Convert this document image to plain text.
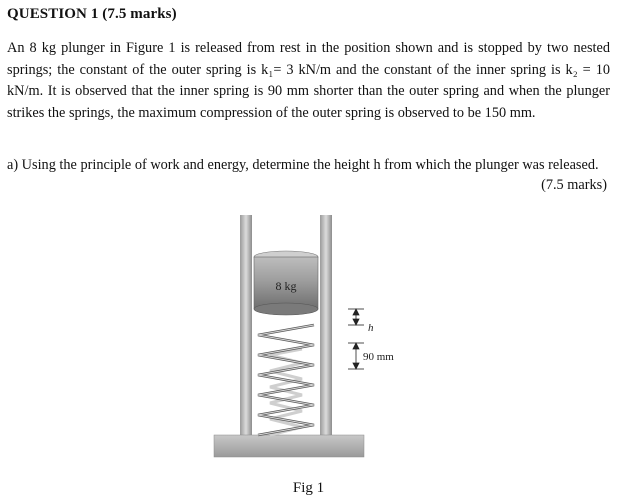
QUESTION 1 (7.5 marks)
An 8 kg plunger in Figure 1 is released from rest in the position shown and is stopped by two nested springs; the constant of the outer spring is k₁= 3 kN/m and the constant of the inner spring is k₂ = 10 kN/m. It is observed that the inner spring is 90 mm shorter than the outer spring and when the plunger strikes the springs, the maximum compression of the outer spring is observed to be 150 mm.
a) Using the principle of work and energy, determine the height h from which the plunger was released.
(7.5 marks)
8 kg
h
90 mm
Fig 1
